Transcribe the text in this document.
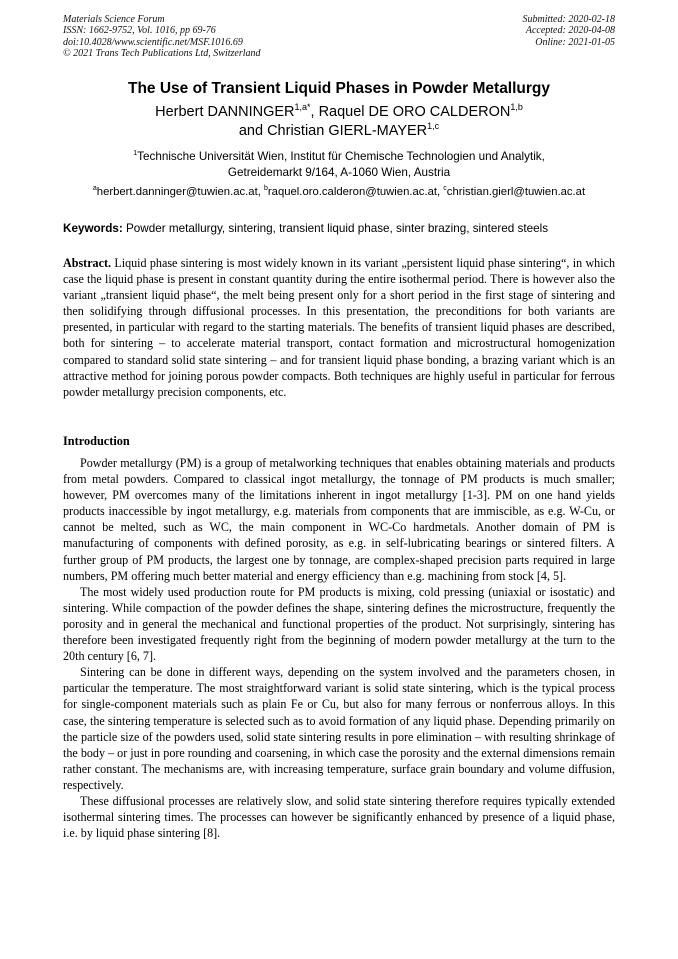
Materials Science Forum
ISSN: 1662-9752, Vol. 1016, pp 69-76
doi:10.4028/www.scientific.net/MSF.1016.69
© 2021 Trans Tech Publications Ltd, Switzerland
Submitted: 2020-02-18
Accepted: 2020-04-08
Online: 2021-01-05
The Use of Transient Liquid Phases in Powder Metallurgy
Herbert $DANNINGER^{1,a*}$, Raquel DE ORO CALDERON$^{1,b}$
and Christian GIERL-MAYER$^{1,c}$
$^1$Technische Universität Wien, Institut für Chemische Technologien und Analytik,
Getreidemarkt 9/164, A-1060 Wien, Austria
$^a$herbert.danninger@tuwien.ac.at, $^b$raquel.oro.calderon@tuwien.ac.at, $^c$christian.gierl@tuwien.ac.at
Keywords: Powder metallurgy, sintering, transient liquid phase, sinter brazing, sintered steels
Abstract. Liquid phase sintering is most widely known in its variant „persistent liquid phase sintering“, in which case the liquid phase is present in constant quantity during the entire isothermal period. There is however also the variant „transient liquid phase“, the melt being present only for a short period in the first stage of sintering and then solidifying through diffusional processes. In this presentation, the preconditions for both variants are presented, in particular with regard to the starting materials. The benefits of transient liquid phases are described, both for sintering – to accelerate material transport, contact formation and microstructural homogenization compared to standard solid state sintering – and for transient liquid phase bonding, a brazing variant which is an attractive method for joining porous powder compacts. Both techniques are highly useful in particular for ferrous powder metallurgy precision components, etc.
Introduction

Powder metallurgy (PM) is a group of metalworking techniques that enables obtaining materials and products from metal powders. Compared to classical ingot metallurgy, the tonnage of PM products is much smaller; however, PM overcomes many of the limitations inherent in ingot metallurgy [1-3]. PM on one hand yields products inaccessible by ingot metallurgy, e.g. materials from components that are immiscible, as e.g. W-Cu, or cannot be melted, such as WC, the main component in WC-Co hardmetals. Another domain of PM is manufacturing of components with defined porosity, as e.g. in self-lubricating bearings or sintered filters. A further group of PM products, the largest one by tonnage, are complex-shaped precision parts required in large numbers, PM offering much better material and energy efficiency than e.g. machining from stock [4, 5].

The most widely used production route for PM products is mixing, cold pressing (uniaxial or isostatic) and sintering. While compaction of the powder defines the shape, sintering defines the microstructure, frequently the porosity and in general the mechanical and functional properties of the product. Not surprisingly, sintering has therefore been investigated frequently right from the beginning of modern powder metallurgy at the turn to the 20th century [6, 7].

Sintering can be done in different ways, depending on the system involved and the parameters chosen, in particular the temperature. The most straightforward variant is solid state sintering, which is the typical process for single-component materials such as plain Fe or Cu, but also for many ferrous or nonferrous alloys. In this case, the sintering temperature is selected such as to avoid formation of any liquid phase. Depending primarily on the particle size of the powders used, solid state sintering results in pore elimination – with resulting shrinkage of the body – or just in pore rounding and coarsening, in which case the porosity and the external dimensions remain rather constant. The mechanisms are, with increasing temperature, surface grain boundary and volume diffusion, respectively.

These diffusional processes are relatively slow, and solid state sintering therefore requires typically extended isothermal sintering times. The processes can however be significantly enhanced by presence of a liquid phase, i.e. by liquid phase sintering [8].
